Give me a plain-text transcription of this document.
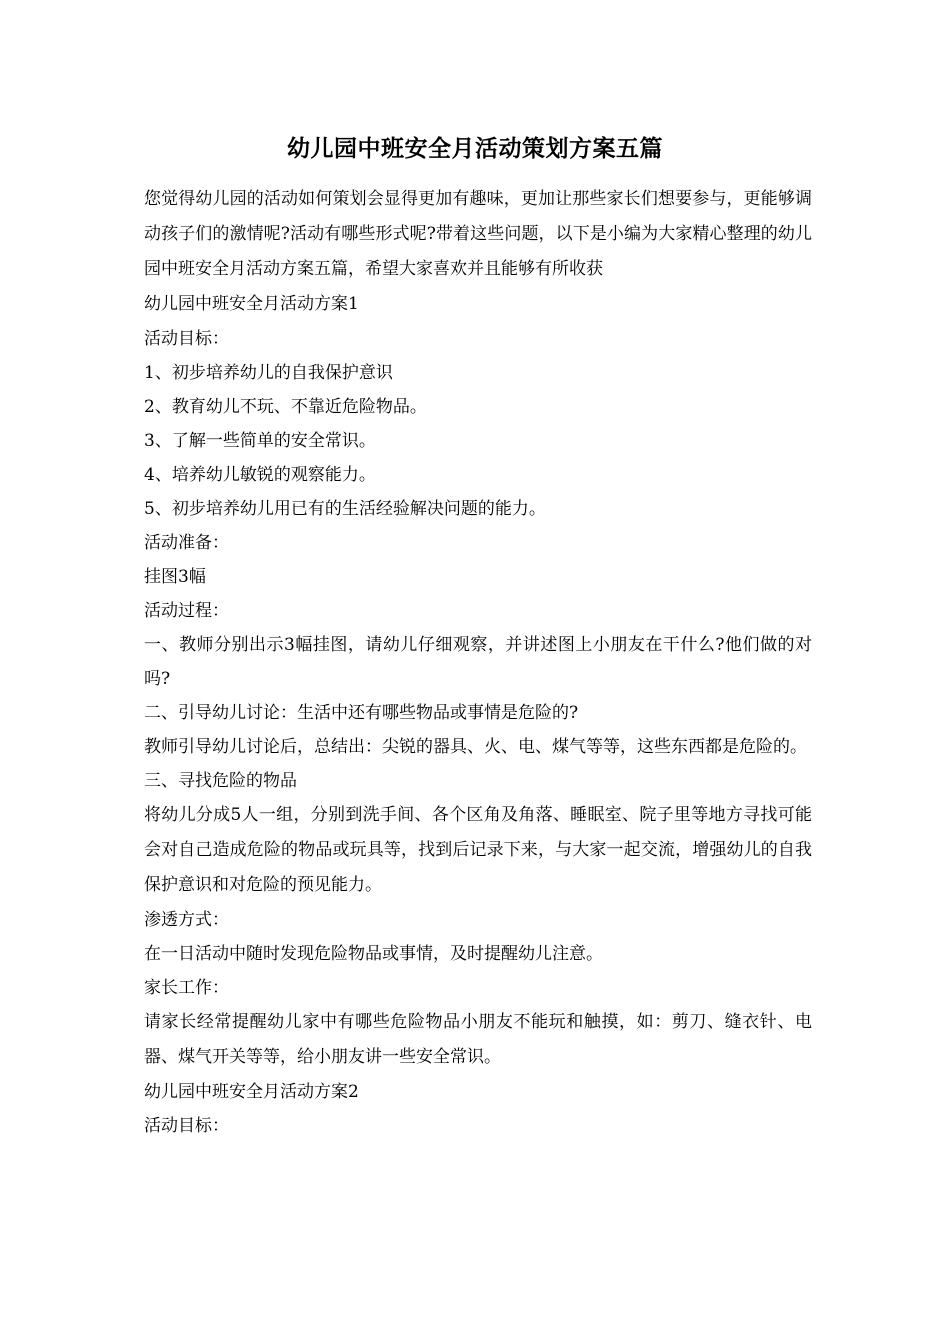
幼儿园中班安全月活动策划方案五篇

您觉得幼儿园的活动如何策划会显得更加有趣味，更加让那些家长们想要参与，更能够调动孩子们的激情呢?活动有哪些形式呢?带着这些问题，以下是小编为大家精心整理的幼儿园中班安全月活动方案五篇，希望大家喜欢并且能够有所收获

幼儿园中班安全月活动方案1

活动目标：

1、初步培养幼儿的自我保护意识

2、教育幼儿不玩、不靠近危险物品。

3、了解一些简单的安全常识。

4、培养幼儿敏锐的观察能力。

5、初步培养幼儿用已有的生活经验解决问题的能力。

活动准备：

挂图3幅

活动过程：

一、教师分别出示3幅挂图，请幼儿仔细观察，并讲述图上小朋友在干什么?他们做的对吗?

二、引导幼儿讨论：生活中还有哪些物品或事情是危险的?

教师引导幼儿讨论后，总结出：尖锐的器具、火、电、煤气等等，这些东西都是危险的。

三、寻找危险的物品

将幼儿分成5人一组，分别到洗手间、各个区角及角落、睡眠室、院子里等地方寻找可能会对自己造成危险的物品或玩具等，找到后记录下来，与大家一起交流，增强幼儿的自我保护意识和对危险的预见能力。

渗透方式：

在一日活动中随时发现危险物品或事情，及时提醒幼儿注意。

家长工作：

请家长经常提醒幼儿家中有哪些危险物品小朋友不能玩和触摸，如：剪刀、缝衣针、电器、煤气开关等等，给小朋友讲一些安全常识。

幼儿园中班安全月活动方案2

活动目标：
